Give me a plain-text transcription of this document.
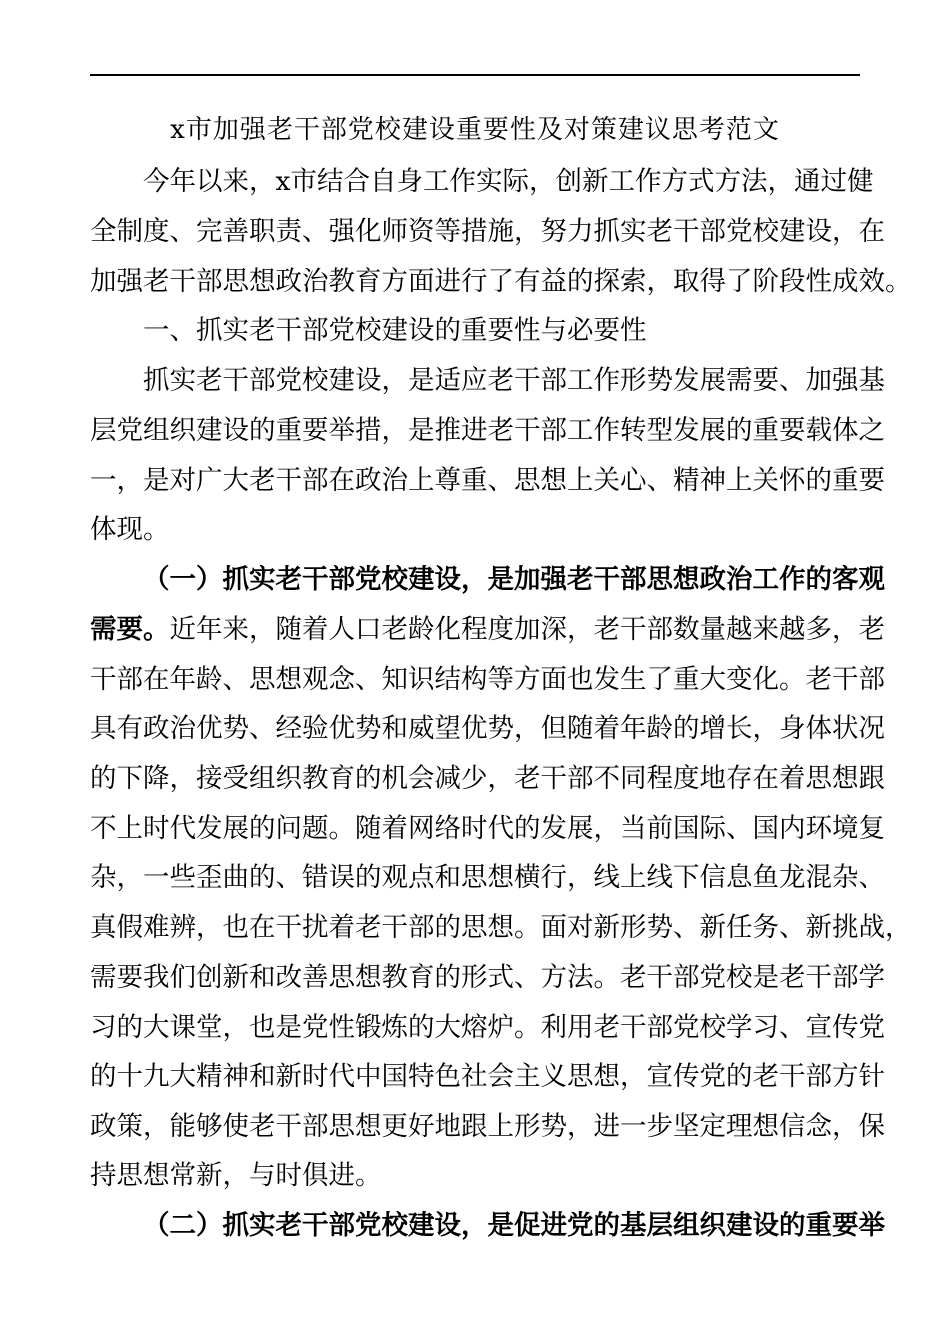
x市加强老干部党校建设重要性及对策建议思考范文
今年以来，x市结合自身工作实际，创新工作方式方法，通过健
全制度、完善职责、强化师资等措施，努力抓实老干部党校建设，在
加强老干部思想政治教育方面进行了有益的探索，取得了阶段性成效。
一、抓实老干部党校建设的重要性与必要性
抓实老干部党校建设，是适应老干部工作形势发展需要、加强基
层党组织建设的重要举措，是推进老干部工作转型发展的重要载体之
一，是对广大老干部在政治上尊重、思想上关心、精神上关怀的重要
体现。
（一）抓实老干部党校建设，是加强老干部思想政治工作的客观
需要。近年来，随着人口老龄化程度加深，老干部数量越来越多，老
干部在年龄、思想观念、知识结构等方面也发生了重大变化。老干部
具有政治优势、经验优势和威望优势，但随着年龄的增长，身体状况
的下降，接受组织教育的机会减少，老干部不同程度地存在着思想跟
不上时代发展的问题。随着网络时代的发展，当前国际、国内环境复
杂，一些歪曲的、错误的观点和思想横行，线上线下信息鱼龙混杂、
真假难辨，也在干扰着老干部的思想。面对新形势、新任务、新挑战，
需要我们创新和改善思想教育的形式、方法。老干部党校是老干部学
习的大课堂，也是党性锻炼的大熔炉。利用老干部党校学习、宣传党
的十九大精神和新时代中国特色社会主义思想，宣传党的老干部方针
政策，能够使老干部思想更好地跟上形势，进一步坚定理想信念，保
持思想常新，与时俱进。
（二）抓实老干部党校建设，是促进党的基层组织建设的重要举
